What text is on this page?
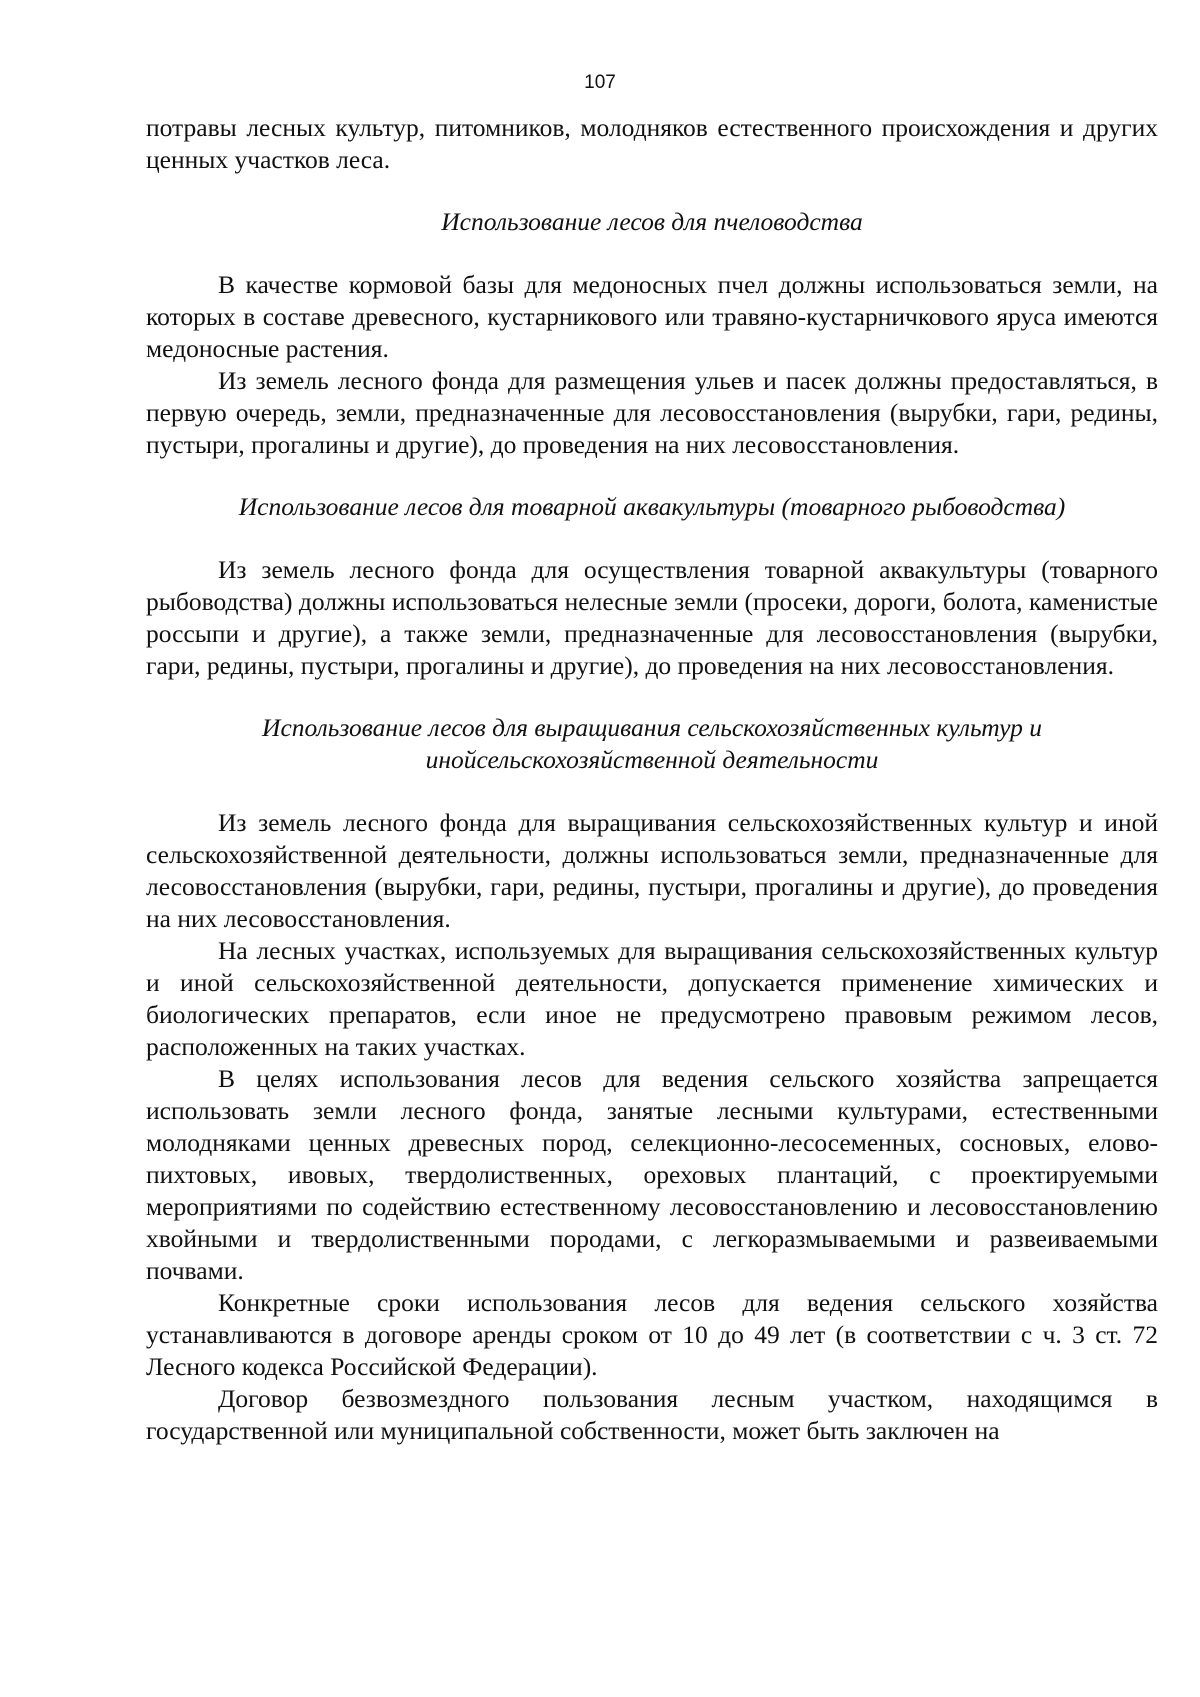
107

потравы лесных культур, питомников, молодняков естественного происхождения и других ценных участков леса.

Использование лесов для пчеловодства

В качестве кормовой базы для медоносных пчел должны использоваться земли, на которых в составе древесного, кустарникового или травяно-кустарничкового яруса имеются медоносные растения.

Из земель лесного фонда для размещения ульев и пасек должны предоставляться, в первую очередь, земли, предназначенные для лесовосстановления (вырубки, гари, редины, пустыри, прогалины и другие), до проведения на них лесовосстановления.

Использование лесов для товарной аквакультуры (товарного рыбоводства)

Из земель лесного фонда для осуществления товарной аквакультуры (товарного рыбоводства) должны использоваться нелесные земли (просеки, дороги, болота, каменистые россыпи и другие), а также земли, предназначенные для лесовосстановления (вырубки, гари, редины, пустыри, прогалины и другие), до проведения на них лесовосстановления.

Использование лесов для выращивания сельскохозяйственных культур и инойсельскохозяйственной деятельности

Из земель лесного фонда для выращивания сельскохозяйственных культур и иной сельскохозяйственной деятельности, должны использоваться земли, предназначенные для лесовосстановления (вырубки, гари, редины, пустыри, прогалины и другие), до проведения на них лесовосстановления.

На лесных участках, используемых для выращивания сельскохозяйственных культур и иной сельскохозяйственной деятельности, допускается применение химических и биологических препаратов, если иное не предусмотрено правовым режимом лесов, расположенных на таких участках.

В целях использования лесов для ведения сельского хозяйства запрещается использовать земли лесного фонда, занятые лесными культурами, естественными молодняками ценных древесных пород, селекционно-лесосеменных, сосновых, елово-пихтовых, ивовых, твердолиственных, ореховых плантаций, с проектируемыми мероприятиями по содействию естественному лесовосстановлению и лесовосстановлению хвойными и твердолиственными породами, с легкоразмываемыми и развеиваемыми почвами.

Конкретные сроки использования лесов для ведения сельского хозяйства устанавливаются в договоре аренды сроком от 10 до 49 лет (в соответствии с ч. 3 ст. 72 Лесного кодекса Российской Федерации).

Договор безвозмездного пользования лесным участком, находящимся в государственной или муниципальной собственности, может быть заключен на
